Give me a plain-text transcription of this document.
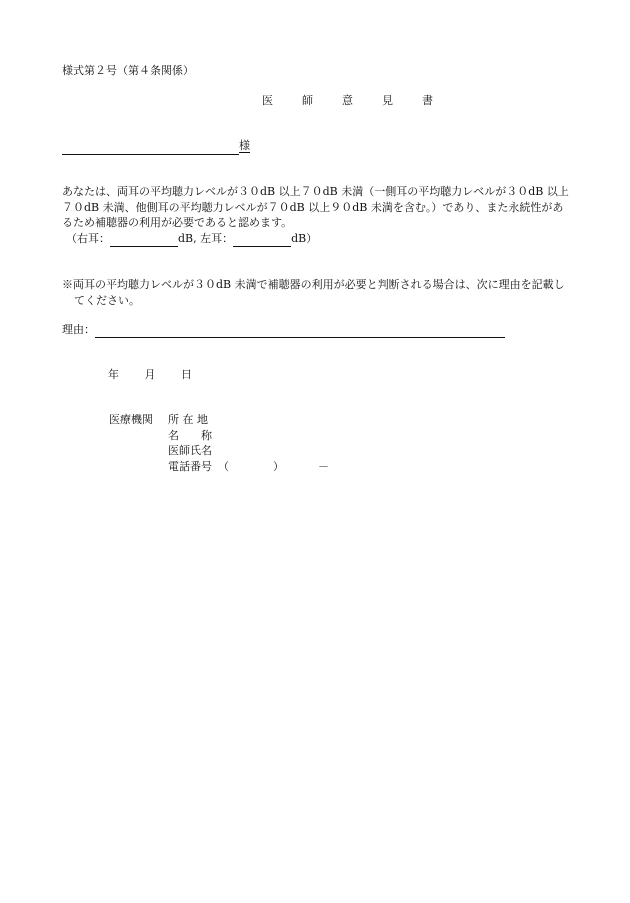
様式第２号（第４条関係）
医　師　意　見　書
様

あなたは、両耳の平均聴力レベルが３０dB 以上７０dB 未満（一側耳の平均聴力レベルが３０dB 以上７０dB 未満、他側耳の平均聴力レベルが７０dB 以上９０dB 未満を含む。）であり、また永続性があるため補聴器の利用が必要であると認めます。

（右耳：	dB, 左耳：	dB）

※両耳の平均聴力レベルが３０dB 未満で補聴器の利用が必要と判断される場合は、次に理由を記載してください。

理由：
年 月 日
医療機関 所 在 地
名　　称
医師氏名
電話番号 （	）	－
